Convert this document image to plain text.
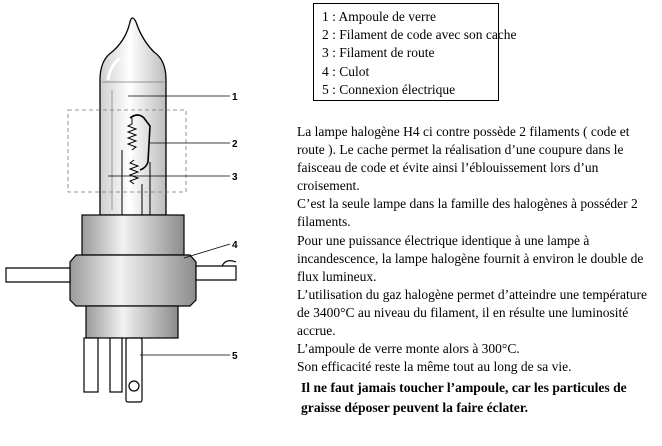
1
2
3
4
5
1 : Ampoule de verre
2 : Filament de code avec son cache
3 : Filament de route
4 : Culot
5 : Connexion électrique

La lampe halogène H4 ci contre possède 2 filaments ( code et route ). Le cache permet la réalisation d’une coupure dans le faisceau de code et évite ainsi l’éblouissement lors d’un croisement.

C’est la seule lampe dans la famille des halogènes à posséder 2 filaments.

Pour une puissance électrique identique à une lampe à incandescence, la lampe halogène fournit à environ le double de flux lumineux.

L’utilisation du gaz halogène permet d’atteindre une température de 3400°C au niveau du filament, il en résulte une luminosité accrue.

L’ampoule de verre monte alors à 300°C.

Son efficacité reste la même tout au long de sa vie.

Il ne faut jamais toucher l’ampoule, car les particules de graisse déposer peuvent la faire éclater.
